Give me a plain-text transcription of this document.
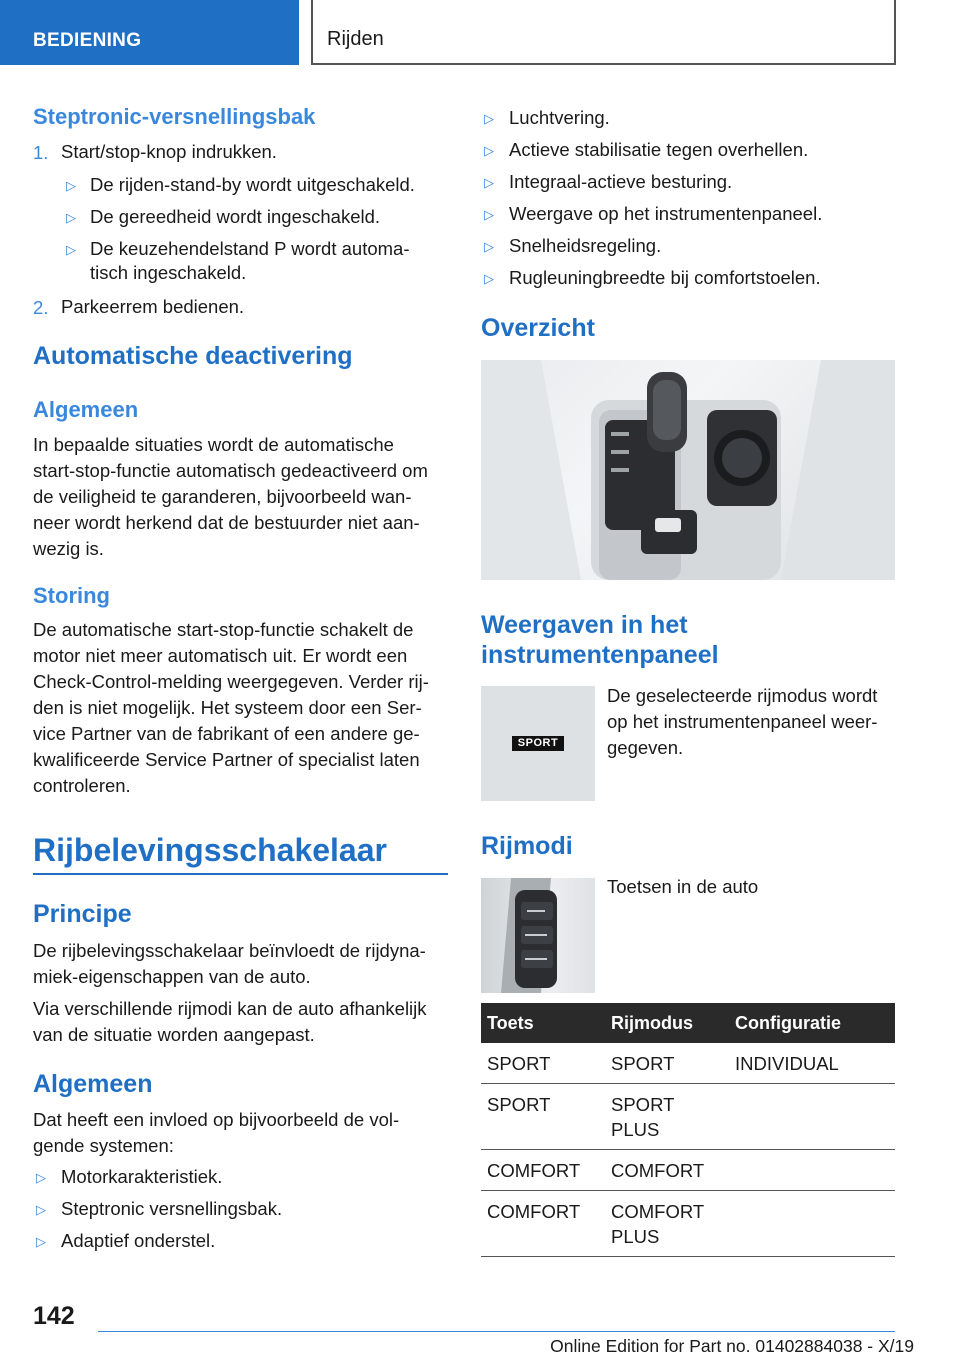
BEDIENING	Rijden
Steptronic-versnellingsbak
1. Start/stop-knop indrukken.
▷ De rijden-stand-by wordt uitgeschakeld.
▷ De gereedheid wordt ingeschakeld.
▷ De keuzehendelstand P wordt automa-
tisch ingeschakeld.
2. Parkeerrem bedienen.
Automatische deactivering
Algemeen
In bepaalde situaties wordt de automatische
start-stop-functie automatisch gedeactiveerd om
de veiligheid te garanderen, bijvoorbeeld wan-
neer wordt herkend dat de bestuurder niet aan-
wezig is.
Storing
De automatische start-stop-functie schakelt de
motor niet meer automatisch uit. Er wordt een
Check-Control-melding weergegeven. Verder rij-
den is niet mogelijk. Het systeem door een Ser-
vice Partner van de fabrikant of een andere ge-
kwalificeerde Service Partner of specialist laten
controleren.
Rijbelevingsschakelaar
Principe
De rijbelevingsschakelaar beïnvloedt de rijdyna-
miek-eigenschappen van de auto.
Via verschillende rijmodi kan de auto afhankelijk
van de situatie worden aangepast.
Algemeen
Dat heeft een invloed op bijvoorbeeld de vol-
gende systemen:
▷ Motorkarakteristiek.
▷ Steptronic versnellingsbak.
▷ Adaptief onderstel.
▷ Luchtvering.
▷ Actieve stabilisatie tegen overhellen.
▷ Integraal-actieve besturing.
▷ Weergave op het instrumentenpaneel.
▷ Snelheidsregeling.
▷ Rugleuningbreedte bij comfortstoelen.
Overzicht
Weergaven in het
instrumentenpaneel
SPORT
De geselecteerde rijmodus wordt
op het instrumentenpaneel weer-
gegeven.
Rijmodi
Toetsen in de auto
Toets	Rijmodus	Configuratie
SPORT	SPORT	INDIVIDUAL
SPORT	SPORT
PLUS	
COMFORT	COMFORT	
COMFORT	COMFORT
PLUS	
142
Online Edition for Part no. 01402884038 - X/19
